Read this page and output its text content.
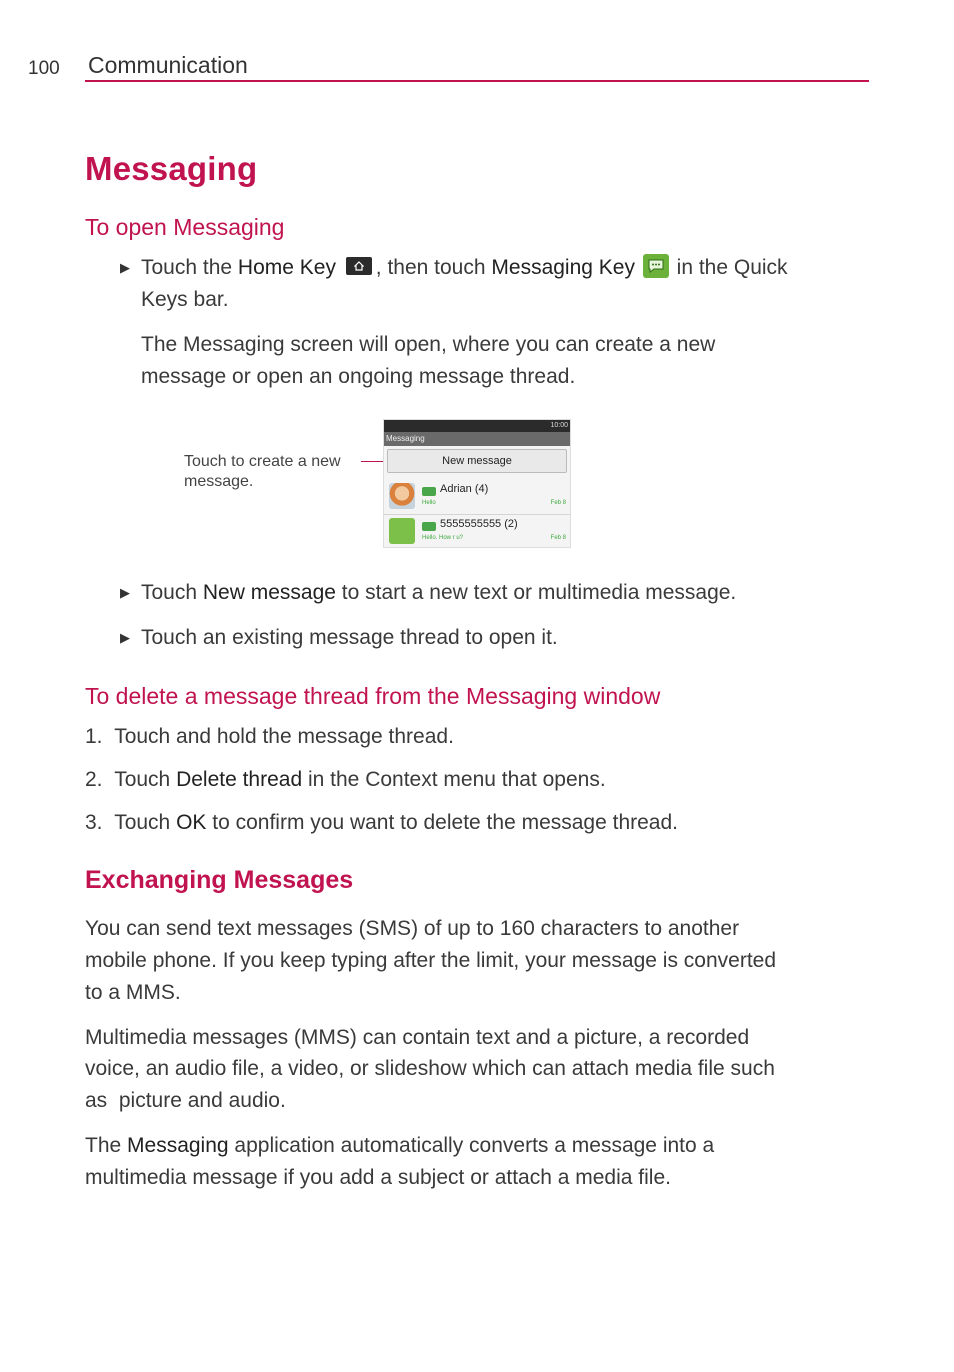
100 Communication
Messaging
To open Messaging
▶ Touch the Home Key , then touch Messaging Key
in the Quick
Keys bar.
The Messaging screen will open, where you can create a new
message or open an ongoing message thread.
Touch to create a new
message.
10:00
Messaging
New message
Adrian (4)
Hello	Feb 8
5555555555 (2)
Hello. How r u?	Feb 8
▶ Touch New message to start a new text or multimedia message.
▶ Touch an existing message thread to open it.
To delete a message thread from the Messaging window
1. Touch and hold the message thread.
2. Touch Delete thread in the Context menu that opens.
3. Touch OK to confirm you want to delete the message thread.
Exchanging Messages
You can send text messages (SMS) of up to 160 characters to another
mobile phone. If you keep typing after the limit, your message is converted
to a MMS.
Multimedia messages (MMS) can contain text and a picture, a recorded
voice, an audio file, a video, or slideshow which can attach media file such
as  picture and audio.
The Messaging application automatically converts a message into a
multimedia message if you add a subject or attach a media file.
